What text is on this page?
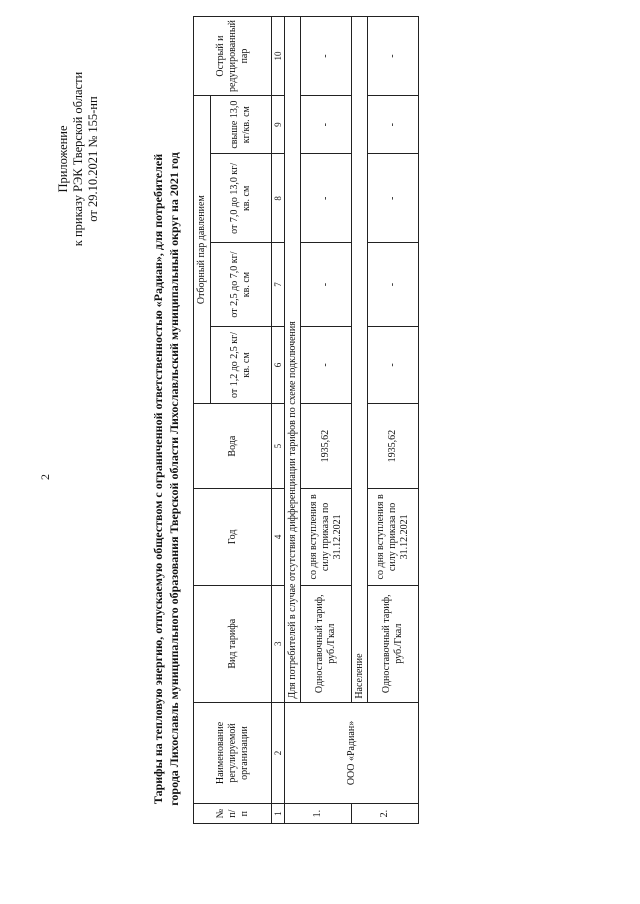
2
Приложение к приказу РЭК Тверской области от 29.10.2021 № 155-нп	Тарифы на тепловую энергию, отпускаемую обществом с ограниченной ответственностью «Радиан», для потребителей города Лихославль муниципального образования Тверской области Лихославльский муниципальный округ на 2021 год
№ п/ п	Наименование регулируемой организации	Вид тарифа	Год	Вода	Отборный пар давлением				Острый и редуцированный пар
					от 1,2 до 2,5 кг/кв. см	от 2,5 до 7,0 кг/кв. см	от 7,0 до 13,0 кг/кв. см	свыше 13,0 кг/кв. см	
1	2	3	4	5	6	7	8	9	10
1.	ООО «Радиан»	Для потребителей в случае отсутствия дифференциации тарифов по схеме подключения							
		Одноставочный тариф, руб./Гкал	со дня вступления в силу приказа по 31.12.2021	1935,62	-	-	-	-	-
2.		Население							
		Одноставочный тариф, руб./Гкал	со дня вступления в силу приказа по 31.12.2021	1935,62	-	-	-	-	-
